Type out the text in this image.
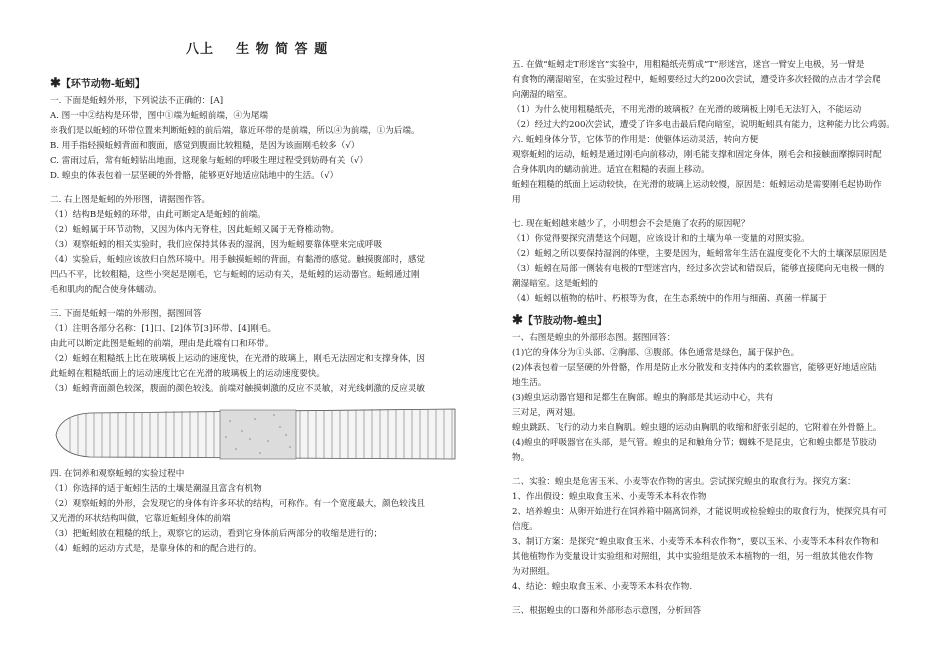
八上    生 物 简 答 题
✱【环节动物-蚯蚓】
一. 下面是蚯蚓外形，下列说法不正确的：[A]
A. 图一中②结构是环带，图中①端为蚯蚓前端，④为尾端
※我们是以蚯蚓的环带位置来判断蚯蚓的前后端，靠近环带的是前端，所以④为前端，①为后端。
B. 用手指轻摸蚯蚓背面和腹面，感觉到腹面比较粗糙，是因为该面刚毛较多（√）
C. 雷雨过后，常有蚯蚓钻出地面，这现象与蚯蚓的呼吸生理过程受到妨碍有关（√）
D. 蝗虫的体表包着一层坚硬的外骨骼，能够更好地适应陆地中的生活。（√）
二. 右上图是蚯蚓的外形图，请据图作答。
（1）结构B是蚯蚓的环带，由此可断定A是蚯蚓的前端。
（2）蚯蚓属于环节动物，又因为体内无脊柱，因此蚯蚓又属于无脊椎动物。
（3）观察蚯蚓的相关实验时，我们应保持其体表的湿润，因为蚯蚓要靠体壁来完成呼吸
（4）实验后，蚯蚓应该放归自然环境中。用手触摸蚯蚓的背面，有黏滑的感觉。触摸腹部时，感觉
凹凸不平，比较粗糙，这些小突起是刚毛，它与蚯蚓的运动有关，是蚯蚓的运动器官。蚯蚓通过刚
毛和肌肉的配合使身体蠕动。
三. 下面是蚯蚓一端的外形图，据图回答
（1）注明各部分名称：[1]口、[2]体节[3]环带、[4]刚毛。
由此可以断定此图是蚯蚓的前端，理由是此端有口和环带。
（2）蚯蚓在粗糙纸上比在玻璃板上运动的速度快，在光滑的玻璃上，刚毛无法固定和支撑身体，因
此蚯蚓在粗糙纸面上的运动速度比它在光滑的玻璃板上的运动速度要快。
（3）蚯蚓背面颜色较深，腹面的颜色较浅。前端对触摸刺激的反应不灵敏，对光线刺激的反应灵敏
四. 在饲养和观察蚯蚓的实验过程中
（1）你选择的适于蚯蚓生活的土壤是潮湿且富含有机物
（2）观察蚯蚓的外形，会发现它的身体有许多环状的结构，可称作。有一个宽度最大，颜色较浅且
又光滑的环状结构叫做，它靠近蚯蚓身体的前端
（3）把蚯蚓放在粗糙的纸上，观察它的运动，看到它身体前后两部分的收缩是进行的；
（4）蚯蚓的运动方式是，是靠身体的和的配合进行的。
五. 在做“蚯蚓走T形迷宫”实验中，用粗糙纸壳剪成“T”形迷宫，迷宫一臂安上电极，另一臂是
有食物的潮湿暗室，在实验过程中，蚯蚓要经过大约200次尝试，遭受许多次轻微的点击才学会爬
向潮湿的暗室。
（1）为什么使用粗糙纸壳，不用光滑的玻璃板？在光滑的玻璃板上刚毛无法钉入，不能运动
（2）经过大约200次尝试，遭受了许多电击最后爬向暗室，说明蚯蚓具有能力，这种能力比公鸡弱。
六. 蚯蚓身体分节，它体节的作用是：使躯体运动灵活，转向方便
观察蚯蚓的运动，蚯蚓是通过刚毛向前移动，刚毛能支撑和固定身体，刚毛会和接触面摩擦同时配
合身体肌肉的蠕动前进。适宜在粗糙的表面上移动。
蚯蚓在粗糙的纸面上运动较快，在光滑的玻璃上运动较慢，原因是：蚯蚓运动是需要刚毛起协助作
用
七. 现在蚯蚓越来越少了，小明想会不会是施了农药的原因呢？
（1）你觉得要探究清楚这个问题，应该设计和的土壤为单一变量的对照实验。
（2）蚯蚓之所以要保持湿润的体壁，主要是因为，蚯蚓常年生活在温度变化不大的土壤深层原因是
（3）蚯蚓在局部一侧装有电极的T型迷宫内，经过多次尝试和错误后，能够直接爬向无电极一侧的
潮湿暗室。这是蚯蚓的
（4）蚯蚓以植物的枯叶、朽根等为食，在生态系统中的作用与细菌、真菌一样属于
✱【节肢动物-蝗虫】
一、右图是蝗虫的外部形态图。据图回答：
(1)它的身体分为①头部、②胸部、③腹部。体色通常是绿色，属于保护色。
(2)体表包着一层坚硬的外骨骼，作用是防止水分散发和支持体内的柔软器官，能够更好地适应陆
地生活。
(3)蝗虫运动器官翅和足都生在胸部。蝗虫的胸部是其运动中心，共有
三对足，两对翅。
蝗虫跳跃、飞行的动力来自胸肌。蝗虫翅的运动由胸肌的收缩和舒张引起的，它附着在外骨骼上。
(4)蝗虫的呼吸器官在头部，是气管。蝗虫的足和触角分节；蜘蛛不是昆虫，它和蝗虫都是节肢动
物。
二、实验：蝗虫是危害玉米、小麦等农作物的害虫。尝试探究蝗虫的取食行为。探究方案：
1、作出假设：蝗虫取食玉米、小麦等禾本科农作物
2、培养蝗虫：从卵开始进行在饲养箱中隔离饲养，才能说明或检验蝗虫的取食行为，使探究具有可
信度。
3、制订方案：是探究“蝗虫取食玉米、小麦等禾本科农作物”，要以玉米、小麦等禾本科农作物和
其他植物作为变量设计实验组和对照组，其中实验组是放禾本植物的一组，另一组放其他农作物
为对照组。
4、结论：蝗虫取食玉米、小麦等禾本科农作物.
三、根据蝗虫的口器和外部形态示意图，分析回答
